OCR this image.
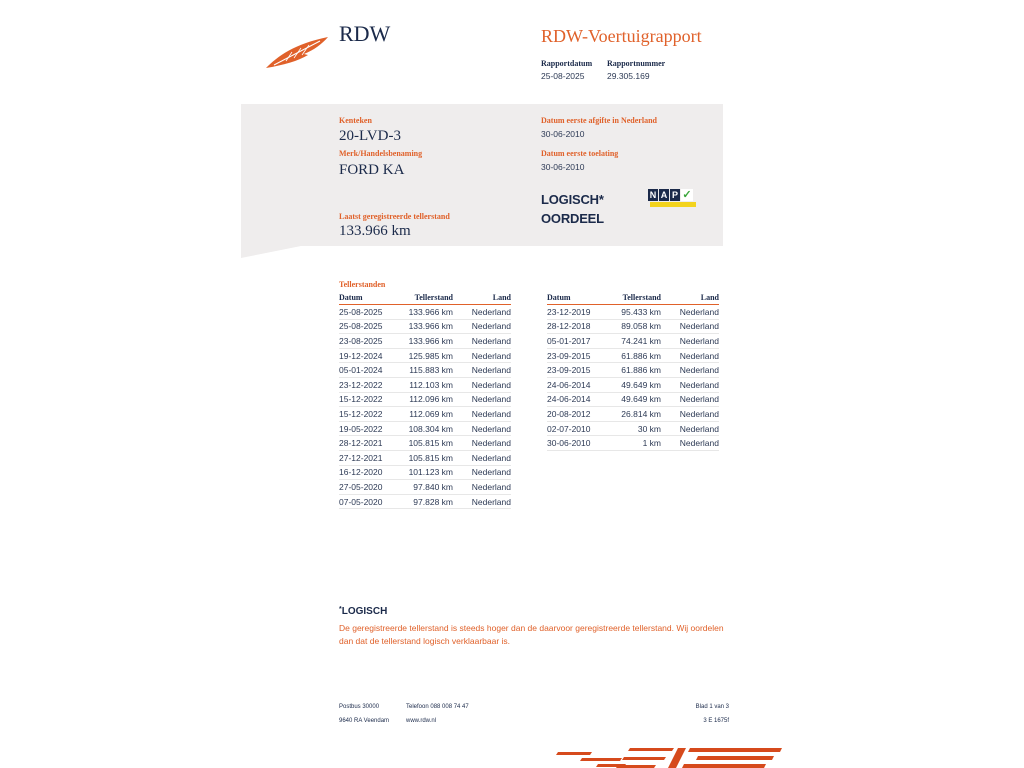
RDW	RDW-Voertuigrapport
Rapportdatum
25-08-2025
Rapportnummer
29.305.169
Kenteken
20-LVD-3
Merk/Handelsbenaming
FORD KA
Laatst geregistreerde tellerstand
133.966 km
Datum eerste afgifte in Nederland
30-06-2010
Datum eerste toelating
30-06-2010
LOGISCH*
OORDEEL
N A P ✓
Tellerstanden
Datum	Tellerstand	Land
25-08-2025	133.966 km	Nederland
25-08-2025	133.966 km	Nederland
23-08-2025	133.966 km	Nederland
19-12-2024	125.985 km	Nederland
05-01-2024	115.883 km	Nederland
23-12-2022	112.103 km	Nederland
15-12-2022	112.096 km	Nederland
15-12-2022	112.069 km	Nederland
19-05-2022	108.304 km	Nederland
28-12-2021	105.815 km	Nederland
27-12-2021	105.815 km	Nederland
16-12-2020	101.123 km	Nederland
27-05-2020	97.840 km	Nederland
07-05-2020	97.828 km	Nederland
Datum	Tellerstand	Land
23-12-2019	95.433 km	Nederland
28-12-2018	89.058 km	Nederland
05-01-2017	74.241 km	Nederland
23-09-2015	61.886 km	Nederland
23-09-2015	61.886 km	Nederland
24-06-2014	49.649 km	Nederland
24-06-2014	49.649 km	Nederland
20-08-2012	26.814 km	Nederland
02-07-2010	30 km	Nederland
30-06-2010	1 km	Nederland
*LOGISCH
De geregistreerde tellerstand is steeds hoger dan de daarvoor geregistreerde tellerstand. Wij oordelen dan dat de tellerstand logisch verklaarbaar is.
Postbus 30000
9640 RA Veendam
Telefoon 088 008 74 47
www.rdw.nl
Blad 1 van 3
3 E 1675f
